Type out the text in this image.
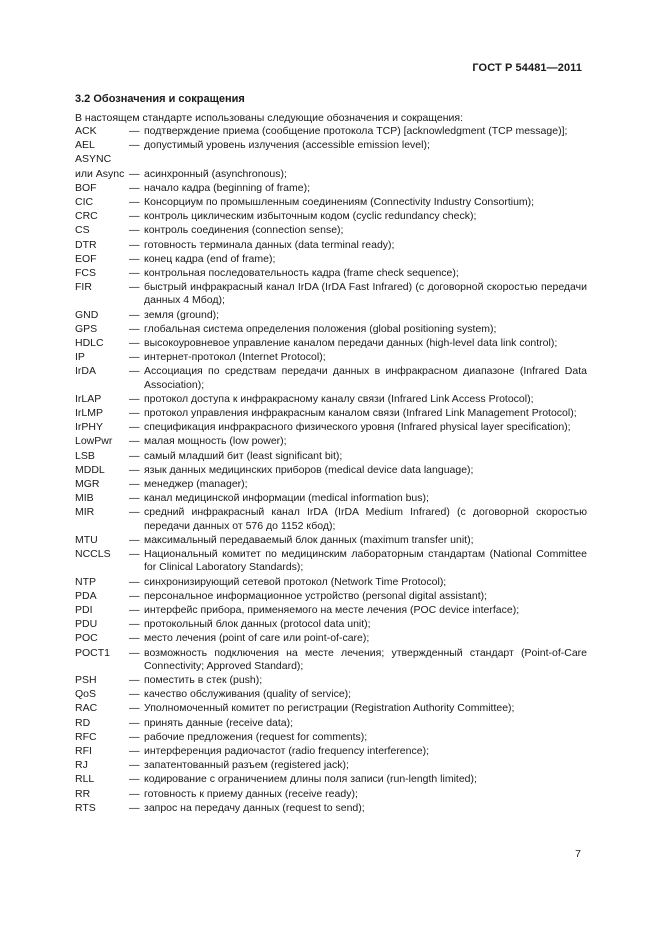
ГОСТ Р 54481—2011
3.2 Обозначения и сокращения
В настоящем стандарте использованы следующие обозначения и сокращения:
ACK	— подтверждение приема (сообщение протокола TCP) [acknowledgment (TCP message)];
AEL	— допустимый уровень излучения (accessible emission level);
ASYNC
или Async — асинхронный (asynchronous);
BOF	— начало кадра (beginning of frame);
CIC	— Консорциум по промышленным соединениям (Connectivity Industry Consortium);
CRC	— контроль циклическим избыточным кодом (cyclic redundancy check);
CS	— контроль соединения (connection sense);
DTR	— готовность терминала данных (data terminal ready);
EOF	— конец кадра (end of frame);
FCS	— контрольная последовательность кадра (frame check sequence);
FIR	— быстрый инфракрасный канал IrDA (IrDA Fast Infrared) (с договорной скоростью передачи данных 4 Мбод);
GND	— земля (ground);
GPS	— глобальная система определения положения (global positioning system);
HDLC	— высокоуровневое управление каналом передачи данных (high-level data link control);
IP	— интернет-протокол (Internet Protocol);
IrDA	— Ассоциация по средствам передачи данных в инфракрасном диапазоне (Infrared Data Association);
IrLAP	— протокол доступа к инфракрасному каналу связи (Infrared Link Access Protocol);
IrLMP	— протокол управления инфракрасным каналом связи (Infrared Link Management Protocol);
IrPHY	— спецификация инфракрасного физического уровня (Infrared physical layer specification);
LowPwr	— малая мощность (low power);
LSB	— самый младший бит (least significant bit);
MDDL	— язык данных медицинских приборов (medical device data language);
MGR	— менеджер (manager);
MIB	— канал медицинской информации (medical information bus);
MIR	— средний инфракрасный канал IrDA (IrDA Medium Infrared) (с договорной скоростью передачи данных от 576 до 1152 кбод);
MTU	— максимальный передаваемый блок данных (maximum transfer unit);
NCCLS	— Национальный комитет по медицинским лабораторным стандартам (National Committee for Clinical Laboratory Standards);
NTP	— синхронизирующий сетевой протокол (Network Time Protocol);
PDA	— персональное информационное устройство (personal digital assistant);
PDI	— интерфейс прибора, применяемого на месте лечения (POC device interface);
PDU	— протокольный блок данных (protocol data unit);
POC	— место лечения (point of care или point-of-care);
POCT1	— возможность подключения на месте лечения; утвержденный стандарт (Point-of-Care Connectivity; Approved Standard);
PSH	— поместить в стек (push);
QoS	— качество обслуживания (quality of service);
RAC	— Уполномоченный комитет по регистрации (Registration Authority Committee);
RD	— принять данные (receive data);
RFC	— рабочие предложения (request for comments);
RFI	— интерференция радиочастот (radio frequency interference);
RJ	— запатентованный разъем (registered jack);
RLL	— кодирование с ограничением длины поля записи (run-length limited);
RR	— готовность к приему данных (receive ready);
RTS	— запрос на передачу данных (request to send);
7
